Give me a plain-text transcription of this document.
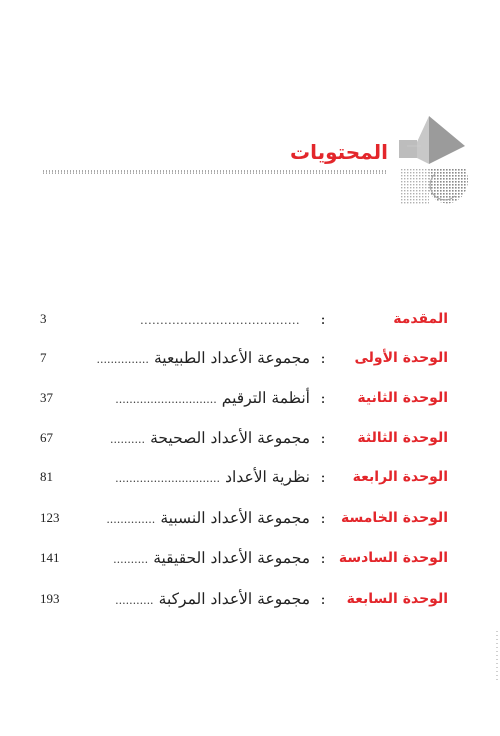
المحتويات
المقدمة
:
........................................
3
الوحدة الأولى
:
مجموعة الأعداد الطبيعية ...............
7
الوحدة الثانية
:
أنظمة الترقيم .............................
37
الوحدة الثالثة
:
مجموعة الأعداد الصحيحة ..........
67
الوحدة الرابعة
:
نظرية الأعداد ..............................
81
الوحدة الخامسة
:
مجموعة الأعداد النسبية ..............
123
الوحدة السادسة
:
مجموعة الأعداد الحقيقية ..........
141
الوحدة السابعة
:
مجموعة الأعداد المركبة ...........
193
